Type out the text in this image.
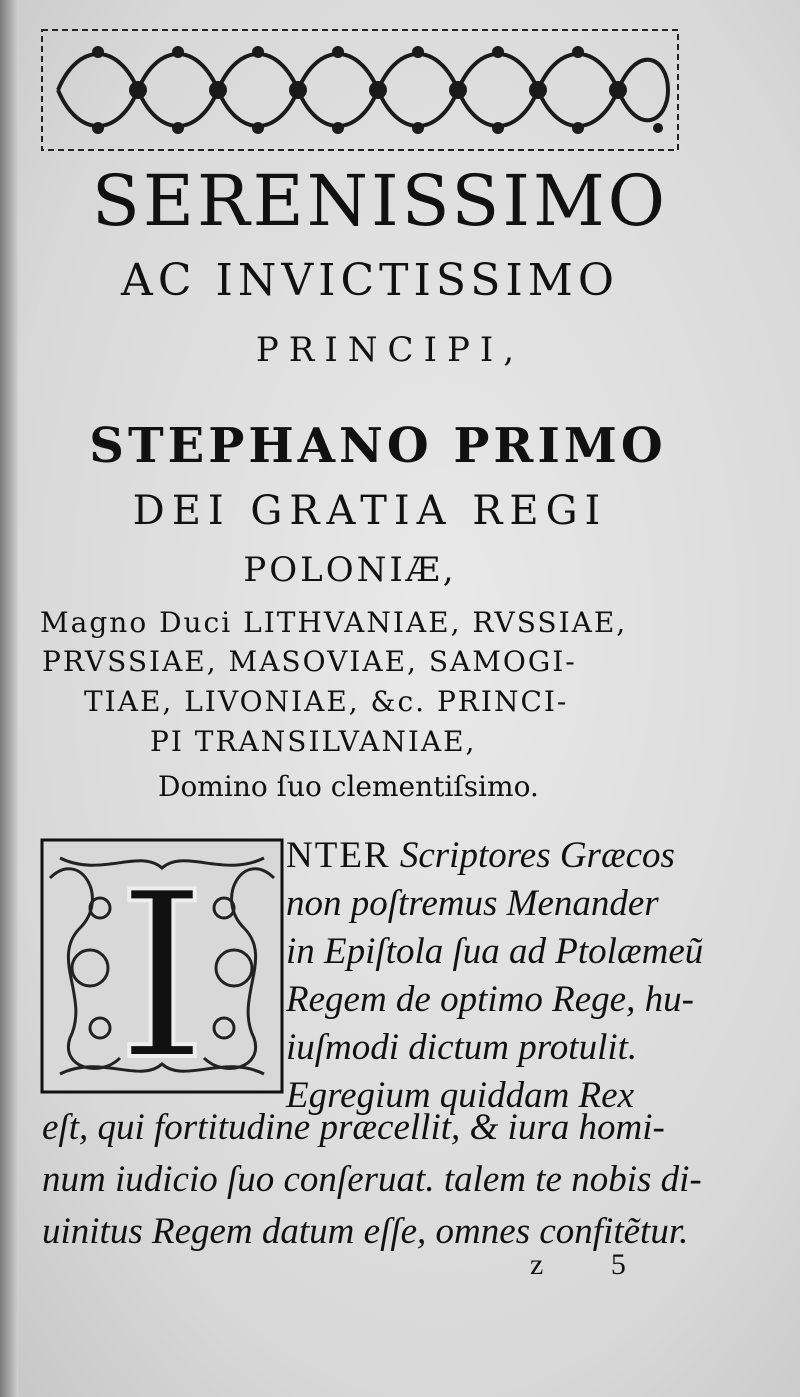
SERENISSIMO
AC INVICTISSIMO
PRINCIPI,
STEPHANO PRIMO
DEI GRATIA REGI
POLONIÆ,
Magno Duci LITHVANIAE, RVSSIAE,
PRVSSIAE, MASOVIAE, SAMOGI-
TIAE, LIVONIAE, &c. PRINCI-
PI TRANSILVANIAE,
Domino ſuo clementiſsimo.
I NTER Scriptores Græcos
non poſtremus Menander
in Epiſtola ſua ad Ptolæmeũ
Regem de optimo Rege, hu-
iuſmodi dictum protulit.
Egregium quiddam Rex
eſt, qui fortitudine præcellit, & iura homi-
num iudicio ſuo conſeruat. talem te nobis di-
uinitus Regem datum eſſe, omnes confitẽtur.
z 5
